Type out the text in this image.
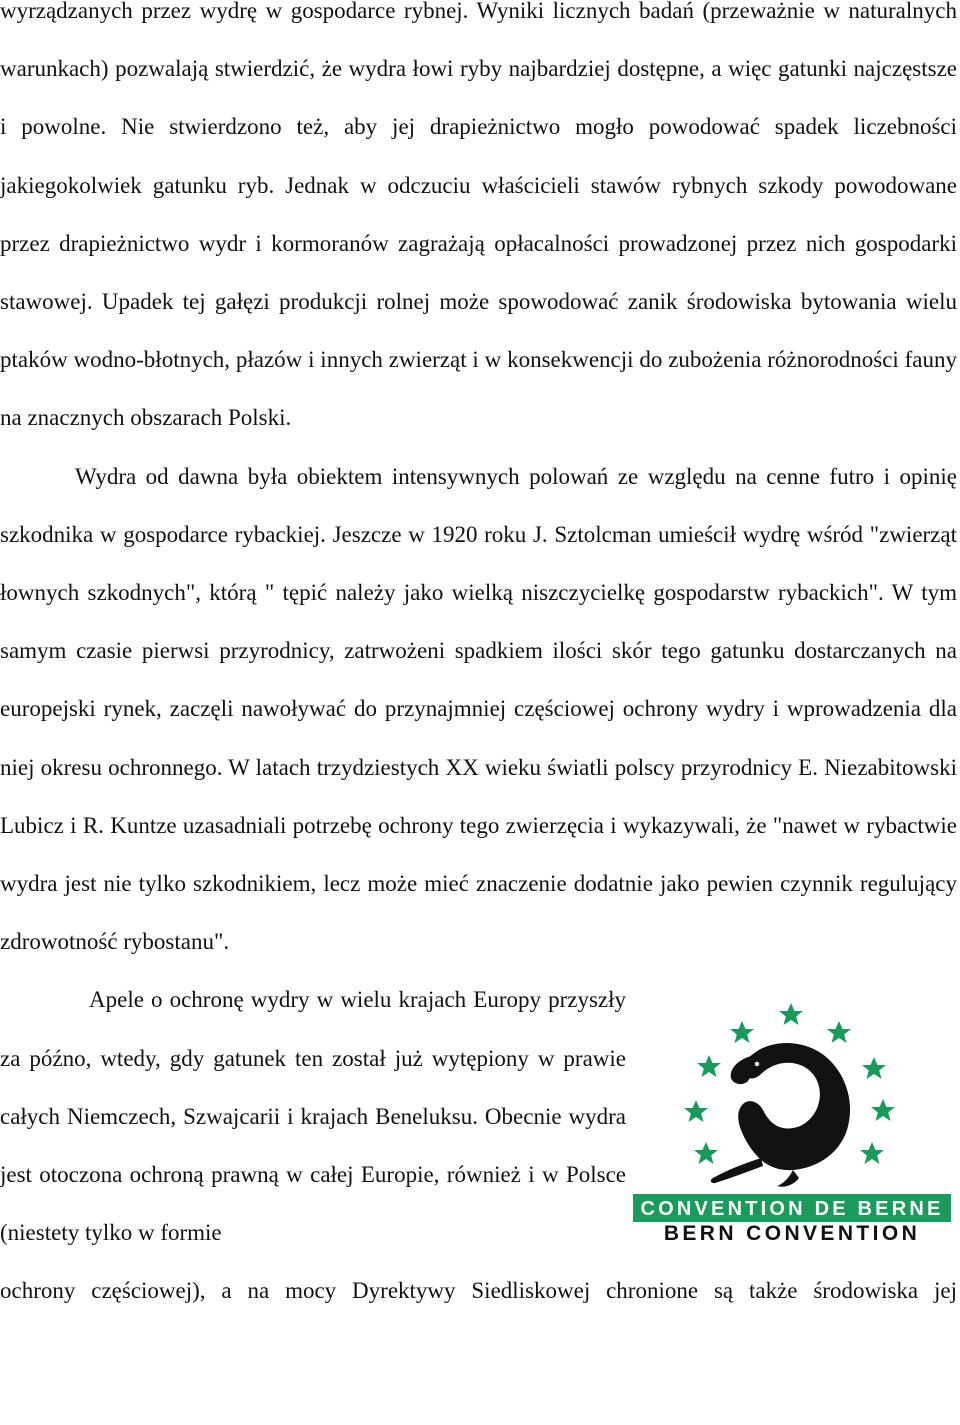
wyrządzanych przez wydrę w gospodarce rybnej. Wyniki licznych badań (przeważnie w naturalnych warunkach) pozwalają stwierdzić, że wydra łowi ryby najbardziej dostępne, a więc gatunki najczęstsze i powolne. Nie stwierdzono też, aby jej drapieżnictwo mogło powodować spadek liczebności jakiegokolwiek gatunku ryb. Jednak w odczuciu właścicieli stawów rybnych szkody powodowane przez drapieżnictwo wydr i kormoranów zagrażają opłacalności prowadzonej przez nich gospodarki stawowej. Upadek tej gałęzi produkcji rolnej może spowodować zanik środowiska bytowania wielu ptaków wodno-błotnych, płazów i innych zwierząt i w konsekwencji do zubożenia różnorodności fauny na znacznych obszarach Polski.

Wydra od dawna była obiektem intensywnych polowań ze względu na cenne futro i opinię szkodnika w gospodarce rybackiej. Jeszcze w 1920 roku J. Sztolcman umieścił wydrę wśród "zwierząt łownych szkodnych", którą " tępić należy jako wielką niszczycielkę gospodarstw rybackich". W tym samym czasie pierwsi przyrodnicy, zatrwożeni spadkiem ilości skór tego gatunku dostarczanych na europejski rynek, zaczęli nawoływać do przynajmniej częściowej ochrony wydry i wprowadzenia dla niej okresu ochronnego. W latach trzydziestych XX wieku światli polscy przyrodnicy E. Niezabitowski Lubicz i R. Kuntze uzasadniali potrzebę ochrony tego zwierzęcia i wykazywali, że "nawet w rybactwie wydra jest nie tylko szkodnikiem, lecz może mieć znaczenie dodatnie jako pewien czynnik regulujący zdrowotność rybostanu".

Apele o ochronę wydry w wielu krajach Europy przyszły za późno, wtedy, gdy gatunek ten został już wytępiony w prawie całych Niemczech, Szwajcarii i krajach Beneluksu. Obecnie wydra jest otoczona ochroną prawną w całej Europie, również i w Polsce (niestety tylko w formie

CONVENTION DE BERNE
BERN CONVENTION

ochrony częściowej), a na mocy Dyrektywy Siedliskowej chronione są także środowiska jej
